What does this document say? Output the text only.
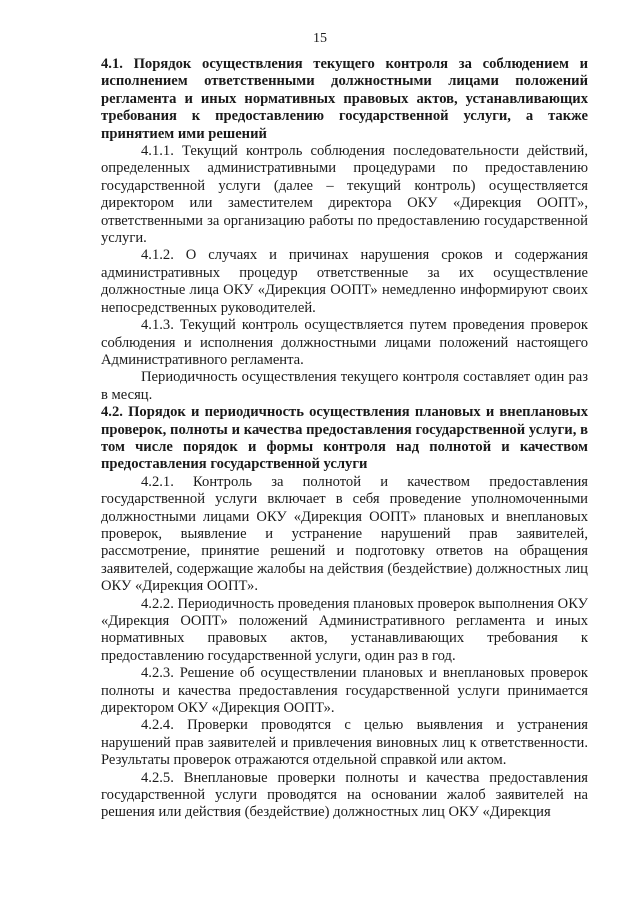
15

4.1. Порядок осуществления текущего контроля за соблюдением и исполнением ответственными должностными лицами положений регламента и иных нормативных правовых актов, устанавливающих требования к предоставлению государственной услуги, а также принятием ими решений

4.1.1. Текущий контроль соблюдения последовательности действий, определенных административными процедурами по предоставлению государственной услуги (далее – текущий контроль) осуществляется директором или заместителем директора ОКУ «Дирекция ООПТ», ответственными за организацию работы по предоставлению государственной услуги.

4.1.2. О случаях и причинах нарушения сроков и содержания административных процедур ответственные за их осуществление должностные лица ОКУ «Дирекция ООПТ» немедленно информируют своих непосредственных руководителей.

4.1.3. Текущий контроль осуществляется путем проведения проверок соблюдения и исполнения должностными лицами положений настоящего Административного регламента.

Периодичность осуществления текущего контроля составляет один раз в месяц.

4.2. Порядок и периодичность осуществления плановых и внеплановых проверок, полноты и качества предоставления государственной услуги, в том числе порядок и формы контроля над полнотой и качеством предоставления государственной услуги

4.2.1. Контроль за полнотой и качеством предоставления государственной услуги включает в себя проведение уполномоченными должностными лицами ОКУ «Дирекция ООПТ» плановых и внеплановых проверок, выявление и устранение нарушений прав заявителей, рассмотрение, принятие решений и подготовку ответов на обращения заявителей, содержащие жалобы на действия (бездействие) должностных лиц ОКУ «Дирекция ООПТ».

4.2.2. Периодичность проведения плановых проверок выполнения ОКУ «Дирекция ООПТ» положений Административного регламента и иных нормативных правовых актов, устанавливающих требования к предоставлению государственной услуги, один раз в год.

4.2.3. Решение об осуществлении плановых и внеплановых проверок полноты и качества предоставления государственной услуги принимается директором ОКУ «Дирекция ООПТ».

4.2.4. Проверки проводятся с целью выявления и устранения нарушений прав заявителей и привлечения виновных лиц к ответственности. Результаты проверок отражаются отдельной справкой или актом.

4.2.5. Внеплановые проверки полноты и качества предоставления государственной услуги проводятся на основании жалоб заявителей на решения или действия (бездействие) должностных лиц ОКУ «Дирекция
